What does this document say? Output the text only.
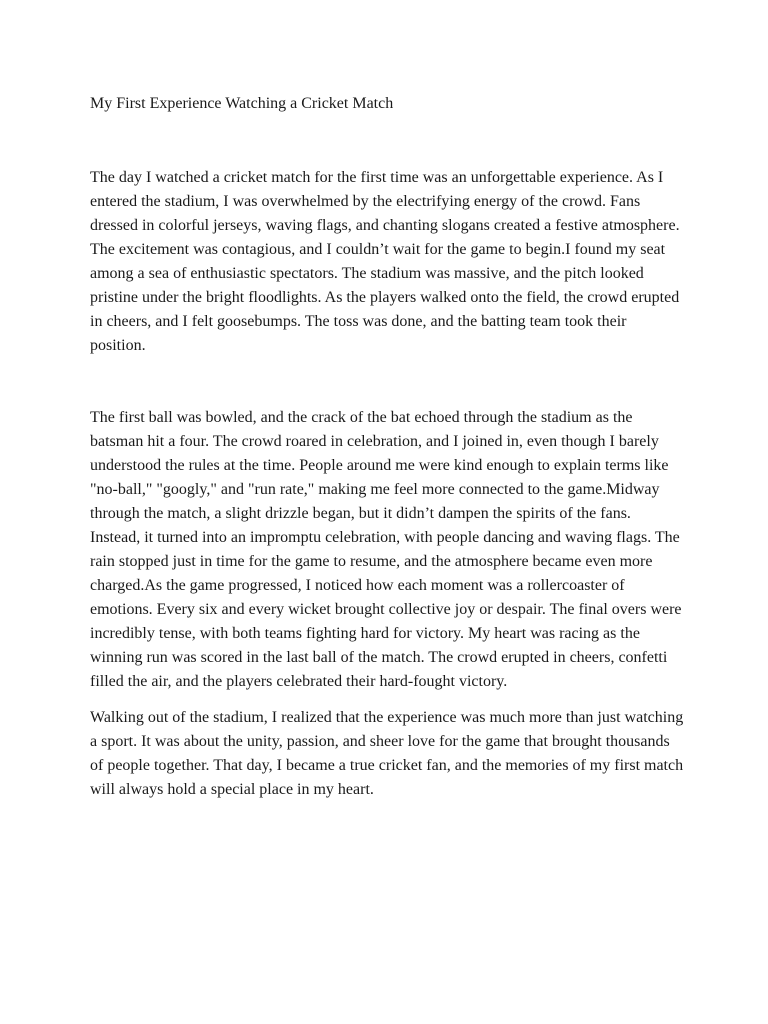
My First Experience Watching a Cricket Match

The day I watched a cricket match for the first time was an unforgettable experience. As I entered the stadium, I was overwhelmed by the electrifying energy of the crowd. Fans dressed in colorful jerseys, waving flags, and chanting slogans created a festive atmosphere. The excitement was contagious, and I couldn’t wait for the game to begin.I found my seat among a sea of enthusiastic spectators. The stadium was massive, and the pitch looked pristine under the bright floodlights. As the players walked onto the field, the crowd erupted in cheers, and I felt goosebumps. The toss was done, and the batting team took their position.

The first ball was bowled, and the crack of the bat echoed through the stadium as the batsman hit a four. The crowd roared in celebration, and I joined in, even though I barely understood the rules at the time. People around me were kind enough to explain terms like "no-ball," "googly," and "run rate," making me feel more connected to the game.Midway through the match, a slight drizzle began, but it didn’t dampen the spirits of the fans. Instead, it turned into an impromptu celebration, with people dancing and waving flags. The rain stopped just in time for the game to resume, and the atmosphere became even more charged.As the game progressed, I noticed how each moment was a rollercoaster of emotions. Every six and every wicket brought collective joy or despair. The final overs were incredibly tense, with both teams fighting hard for victory. My heart was racing as the winning run was scored in the last ball of the match. The crowd erupted in cheers, confetti filled the air, and the players celebrated their hard-fought victory.

Walking out of the stadium, I realized that the experience was much more than just watching a sport. It was about the unity, passion, and sheer love for the game that brought thousands of people together. That day, I became a true cricket fan, and the memories of my first match will always hold a special place in my heart.
